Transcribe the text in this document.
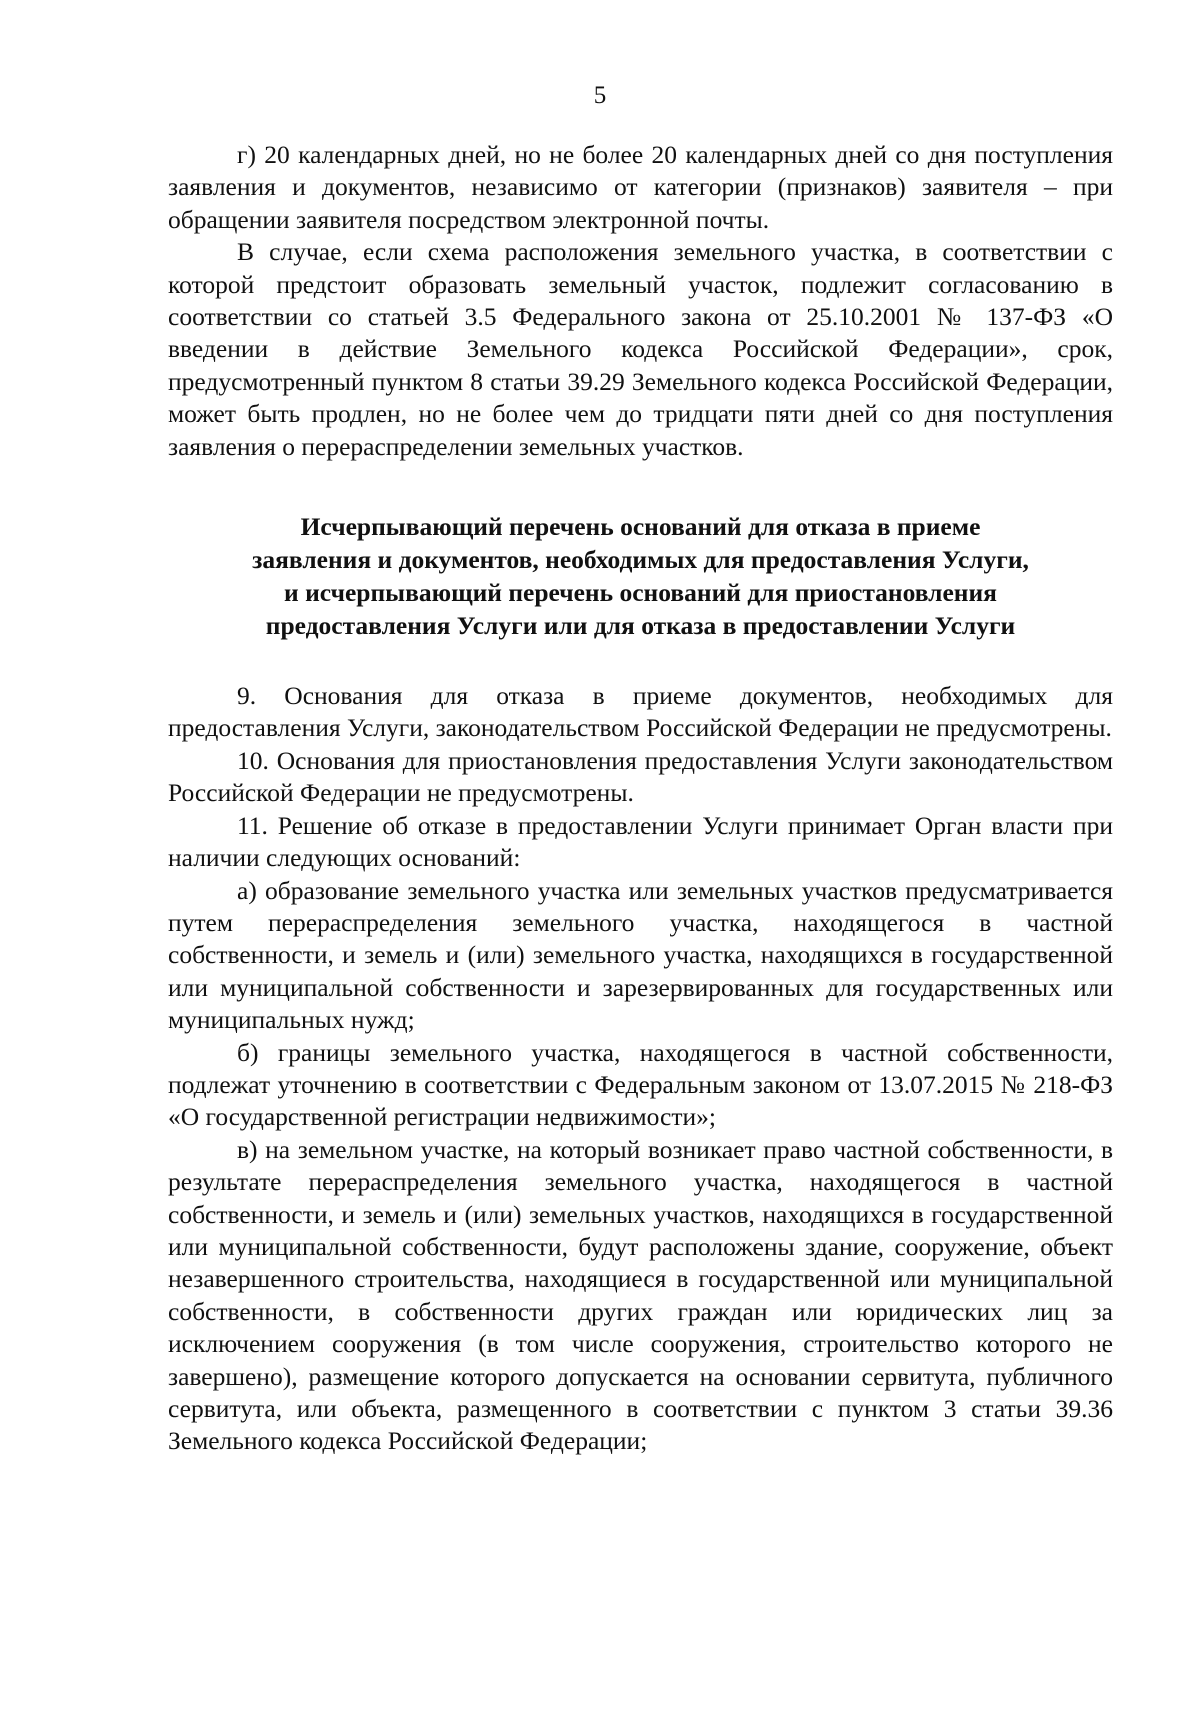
5

г) 20 календарных дней, но не более 20 календарных дней со дня поступления заявления и документов, независимо от категории (признаков) заявителя – при обращении заявителя посредством электронной почты.

В случае, если схема расположения земельного участка, в соответствии с которой предстоит образовать земельный участок, подлежит согласованию в соответствии со статьей 3.5 Федерального закона от 25.10.2001 № 137-ФЗ «О введении в действие Земельного кодекса Российской Федерации», срок, предусмотренный пунктом 8 статьи 39.29 Земельного кодекса Российской Федерации, может быть продлен, но не более чем до тридцати пяти дней со дня поступления заявления о перераспределении земельных участков.

Исчерпывающий перечень оснований для отказа в приеме
заявления и документов, необходимых для предоставления Услуги,
и исчерпывающий перечень оснований для приостановления
предоставления Услуги или для отказа в предоставлении Услуги

9. Основания для отказа в приеме документов, необходимых для предоставления Услуги, законодательством Российской Федерации не предусмотрены.

10. Основания для приостановления предоставления Услуги законодательством Российской Федерации не предусмотрены.

11. Решение об отказе в предоставлении Услуги принимает Орган власти при наличии следующих оснований:

а) образование земельного участка или земельных участков предусматривается путем перераспределения земельного участка, находящегося в частной собственности, и земель и (или) земельного участка, находящихся в государственной или муниципальной собственности и зарезервированных для государственных или муниципальных нужд;

б) границы земельного участка, находящегося в частной собственности, подлежат уточнению в соответствии с Федеральным законом от 13.07.2015 № 218-ФЗ «О государственной регистрации недвижимости»;

в) на земельном участке, на который возникает право частной собственности, в результате перераспределения земельного участка, находящегося в частной собственности, и земель и (или) земельных участков, находящихся в государственной или муниципальной собственности, будут расположены здание, сооружение, объект незавершенного строительства, находящиеся в государственной или муниципальной собственности, в собственности других граждан или юридических лиц за исключением сооружения (в том числе сооружения, строительство которого не завершено), размещение которого допускается на основании сервитута, публичного сервитута, или объекта, размещенного в соответствии с пунктом 3 статьи 39.36 Земельного кодекса Российской Федерации;
